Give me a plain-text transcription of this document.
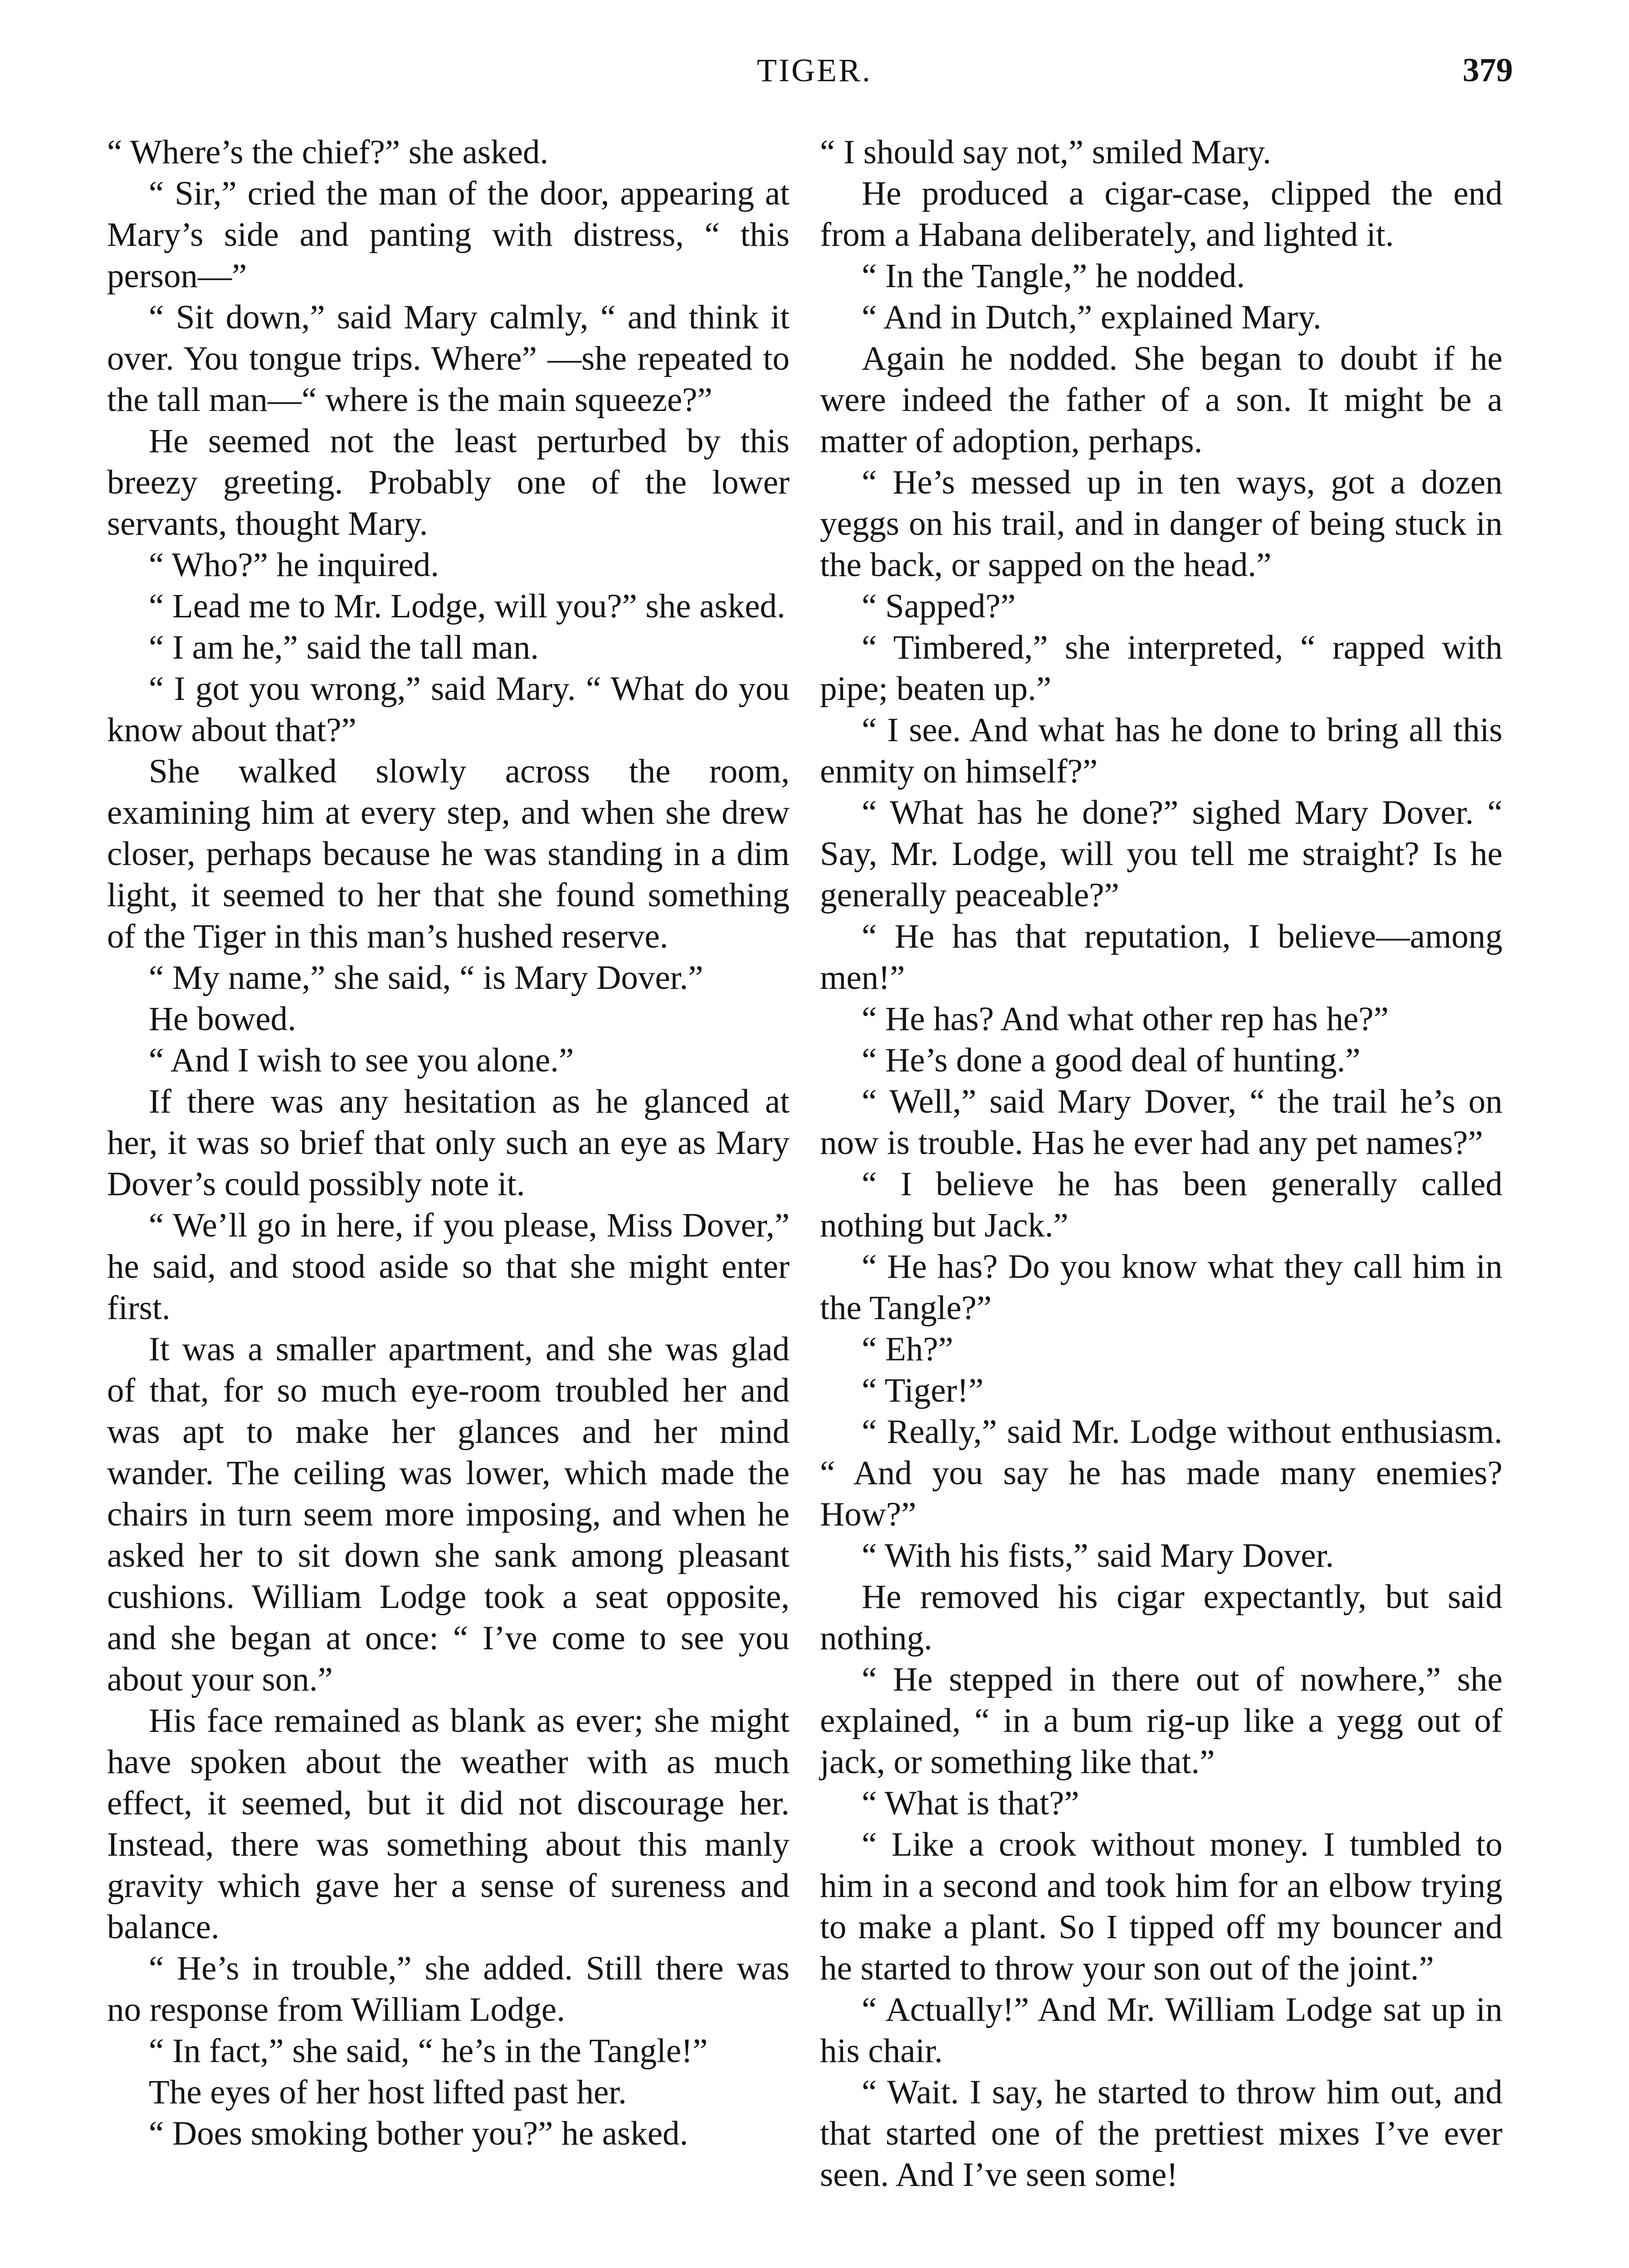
TIGER.	379

“ Where’s the chief?” she asked.

“ Sir,” cried the man of the door, appearing at Mary’s side and panting with distress, “ this person—”

“ Sit down,” said Mary calmly, “ and think it over. You tongue trips. Where” —she repeated to the tall man—“ where is the main squeeze?”

He seemed not the least perturbed by this breezy greeting. Probably one of the lower servants, thought Mary.

“ Who?” he inquired.

“ Lead me to Mr. Lodge, will you?” she asked.

“ I am he,” said the tall man.

“ I got you wrong,” said Mary. “ What do you know about that?”

She walked slowly across the room, examining him at every step, and when she drew closer, perhaps because he was standing in a dim light, it seemed to her that she found something of the Tiger in this man’s hushed reserve.

“ My name,” she said, “ is Mary Dover.”

He bowed.

“ And I wish to see you alone.”

If there was any hesitation as he glanced at her, it was so brief that only such an eye as Mary Dover’s could possibly note it.

“ We’ll go in here, if you please, Miss Dover,” he said, and stood aside so that she might enter first.

It was a smaller apartment, and she was glad of that, for so much eye-room troubled her and was apt to make her glances and her mind wander. The ceiling was lower, which made the chairs in turn seem more imposing, and when he asked her to sit down she sank among pleasant cushions. William Lodge took a seat opposite, and she began at once: “ I’ve come to see you about your son.”

His face remained as blank as ever; she might have spoken about the weather with as much effect, it seemed, but it did not discourage her. Instead, there was something about this manly gravity which gave her a sense of sureness and balance.

“ He’s in trouble,” she added. Still there was no response from William Lodge.

“ In fact,” she said, “ he’s in the Tangle!”

The eyes of her host lifted past her.

“ Does smoking bother you?” he asked.

“ I should say not,” smiled Mary.

He produced a cigar-case, clipped the end from a Habana deliberately, and lighted it.

“ In the Tangle,” he nodded.

“ And in Dutch,” explained Mary.

Again he nodded. She began to doubt if he were indeed the father of a son. It might be a matter of adoption, perhaps.

“ He’s messed up in ten ways, got a dozen yeggs on his trail, and in danger of being stuck in the back, or sapped on the head.”

“ Sapped?”

“ Timbered,” she interpreted, “ rapped with pipe; beaten up.”

“ I see. And what has he done to bring all this enmity on himself?”

“ What has he done?” sighed Mary Dover. “ Say, Mr. Lodge, will you tell me straight? Is he generally peaceable?”

“ He has that reputation, I believe—among men!”

“ He has? And what other rep has he?”

“ He’s done a good deal of hunting.”

“ Well,” said Mary Dover, “ the trail he’s on now is trouble. Has he ever had any pet names?”

“ I believe he has been generally called nothing but Jack.”

“ He has? Do you know what they call him in the Tangle?”

“ Eh?”

“ Tiger!”

“ Really,” said Mr. Lodge without enthusiasm. “ And you say he has made many enemies? How?”

“ With his fists,” said Mary Dover.

He removed his cigar expectantly, but said nothing.

“ He stepped in there out of nowhere,” she explained, “ in a bum rig-up like a yegg out of jack, or something like that.”

“ What is that?”

“ Like a crook without money. I tumbled to him in a second and took him for an elbow trying to make a plant. So I tipped off my bouncer and he started to throw your son out of the joint.”

“ Actually!” And Mr. William Lodge sat up in his chair.

“ Wait. I say, he started to throw him out, and that started one of the prettiest mixes I’ve ever seen. And I’ve seen some!
